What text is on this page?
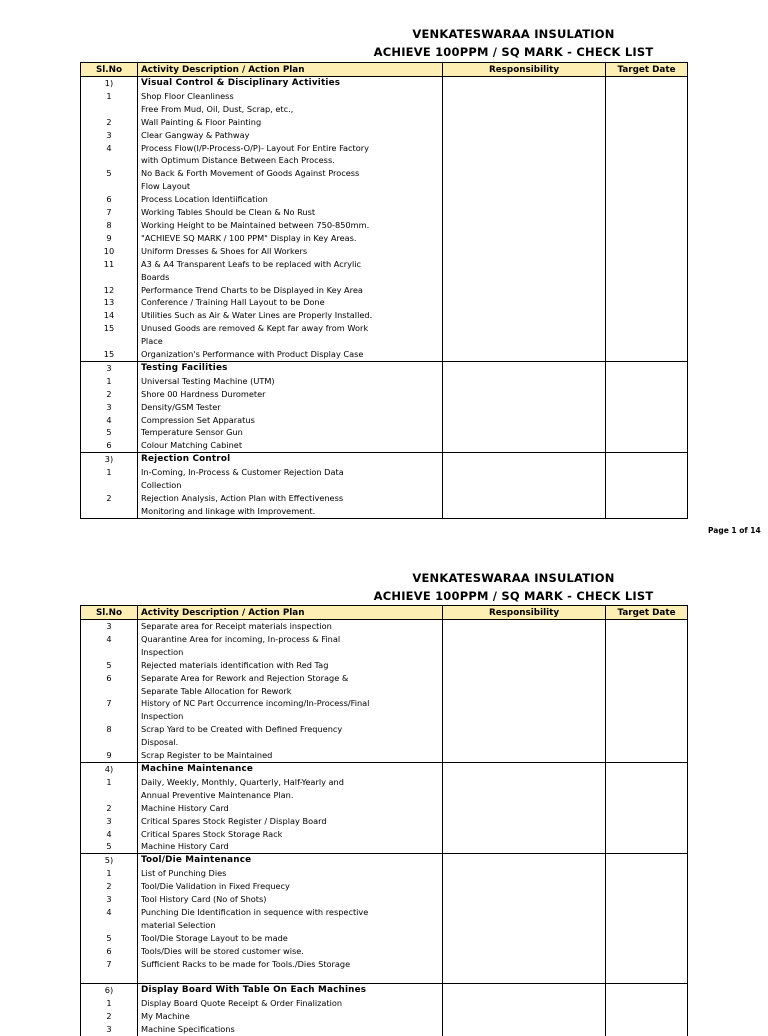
VENKATESWARAA INSULATION
ACHIEVE 100PPM / SQ MARK - CHECK LIST
Sl.No	Activity Description / Action Plan	Responsibility	Target Date
1)	Visual Control & Disciplinary Activities		
1	Shop Floor Cleanliness		
	Free From Mud, Oil, Dust, Scrap, etc.,		
2	Wall Painting & Floor Painting		
3	Clear Gangway & Pathway		
4	Process Flow(I/P-Process-O/P)- Layout For Entire Factory		
	with Optimum Distance Between Each Process.		
5	No Back & Forth Movement of Goods Against Process		
	Flow Layout		
6	Process Location Identiification		
7	Working Tables Should be Clean & No Rust		
8	Working Height to be Maintained between 750-850mm.		
9	"ACHIEVE SQ MARK / 100 PPM" Display in Key Areas.		
10	Uniform Dresses & Shoes for All Workers		
11	A3 & A4 Transparent Leafs to be replaced with Acrylic		
	Boards		
12	Performance Trend Charts to be Displayed in Key Area		
13	Conference / Training Hall Layout to be Done		
14	Utilities Such as Air & Water Lines are Properly Installed.		
15	Unused Goods are removed & Kept far away from Work		
	Place		
15	Organization's Performance with Product Display Case		
3	Testing Facilities		
1	Universal Testing Machine (UTM)		
2	Shore 00 Hardness Durometer		
3	Density/GSM Tester		
4	Compression Set Apparatus		
5	Temperature Sensor Gun		
6	Colour Matching Cabinet		
3)	Rejection Control		
1	In-Coming, In-Process & Customer Rejection Data		
	Collection		
2	Rejection Analysis, Action Plan with Effectiveness		
	Monitoring and linkage with Improvement.		
Page 1 of 14
VENKATESWARAA INSULATION
ACHIEVE 100PPM / SQ MARK - CHECK LIST
Sl.No	Activity Description / Action Plan	Responsibility	Target Date
3	Separate area for Receipt materials inspection		
4	Quarantine Area for incoming, In-process & Final		
	Inspection		
5	Rejected materials identification with Red Tag		
6	Separate Area for Rework and Rejection Storage &		
	Separate Table Allocation for Rework		
7	History of NC Part Occurrence incoming/In-Process/Final		
	Inspection		
8	Scrap Yard to be Created with Defined Frequency		
	Disposal.		
9	Scrap Register to be Maintained		
4)	Machine Maintenance		
1	Daily, Weekly, Monthly, Quarterly, Half-Yearly and		
	Annual Preventive Maintenance Plan.		
2	Machine History Card		
3	Critical Spares Stock Register / Display Board		
4	Critical Spares Stock Storage Rack		
5	Machine History Card		
5)	Tool/Die Maintenance		
1	List of Punching Dies		
2	Tool/Die Validation in Fixed Frequecy		
3	Tool History Card (No of Shots)		
4	Punching Die Identification in sequence with respective		
	material Selection		
5	Tool/Die Storage Layout to be made		
6	Tools/Dies will be stored customer wise.		
7	Sufficient Racks to be made for Tools./Dies Storage		

6)	Display Board With Table On Each Machines		
1	Display Board Quote Receipt & Order Finalization		
2	My Machine		
3	Machine Specifications		
